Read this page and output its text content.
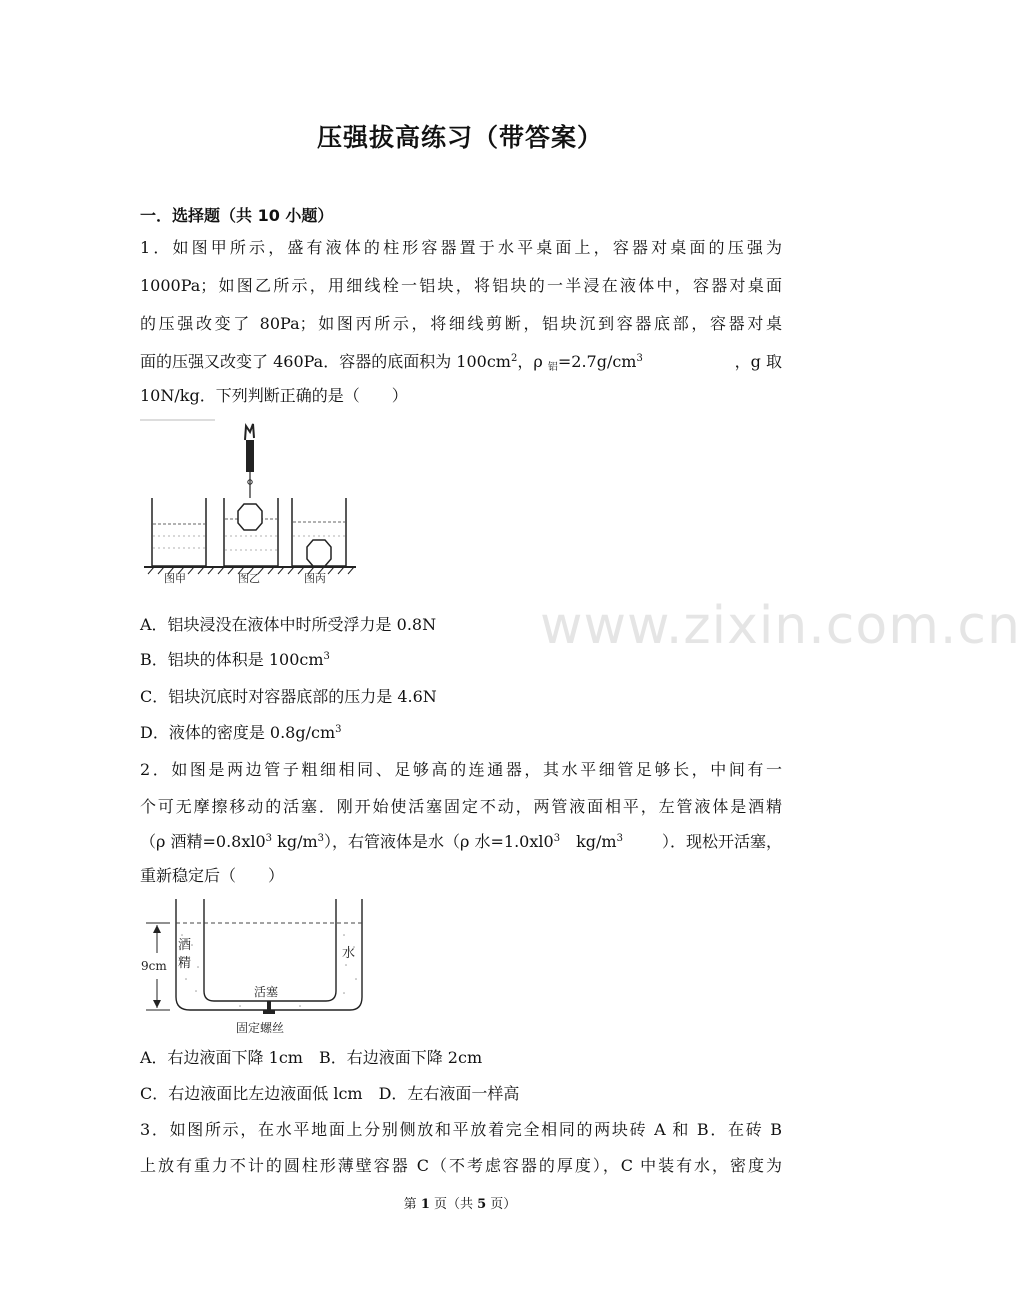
压强拔高练习（带答案）
一．选择题（共 10 小题）
1．如图甲所示，盛有液体的柱形容器置于水平桌面上，容器对桌面的压强为
1000Pa；如图乙所示，用细线栓一铝块，将铝块的一半浸在液体中，容器对桌面
的压强改变了 80Pa；如图丙所示，将细线剪断，铝块沉到容器底部，容器对桌
面的压强又改变了 460Pa．容器的底面积为 $100cm^2$，ρ $_铝=2.7g/cm^3$	，g 取
10N/kg．下列判断正确的是（　　）
图甲	图乙	图丙
A．铝块浸没在液体中时所受浮力是 0.8N
B．铝块的体积是 $100cm^3$
C．铝块沉底时对容器底部的压力是 4.6N
D．液体的密度是 $0.8g/cm^3$
www.zixin.com.cn
2．如图是两边管子粗细相同、足够高的连通器，其水平细管足够长，中间有一
个可无摩擦移动的活塞．刚开始使活塞固定不动，两管液面相平，左管液体是酒精
（ρ 酒精$=0.8xl0^3$ $kg/m^3$），右管液体是水（ρ 水$=1.0xl0^3$　$kg/m^3$ ）．现松开活塞，
重新稳定后（　　）
9cm
酒精
水
活塞
固定螺丝
A．右边液面下降 1cm　B．右边液面下降 2cm
C．右边液面比左边液面低 lcm　D．左右液面一样高
3．如图所示，在水平地面上分别侧放和平放着完全相同的两块砖 A 和 B．在砖 B
上放有重力不计的圆柱形薄壁容器 C（不考虑容器的厚度），C 中装有水，密度为
第 1 页（共 5 页）
